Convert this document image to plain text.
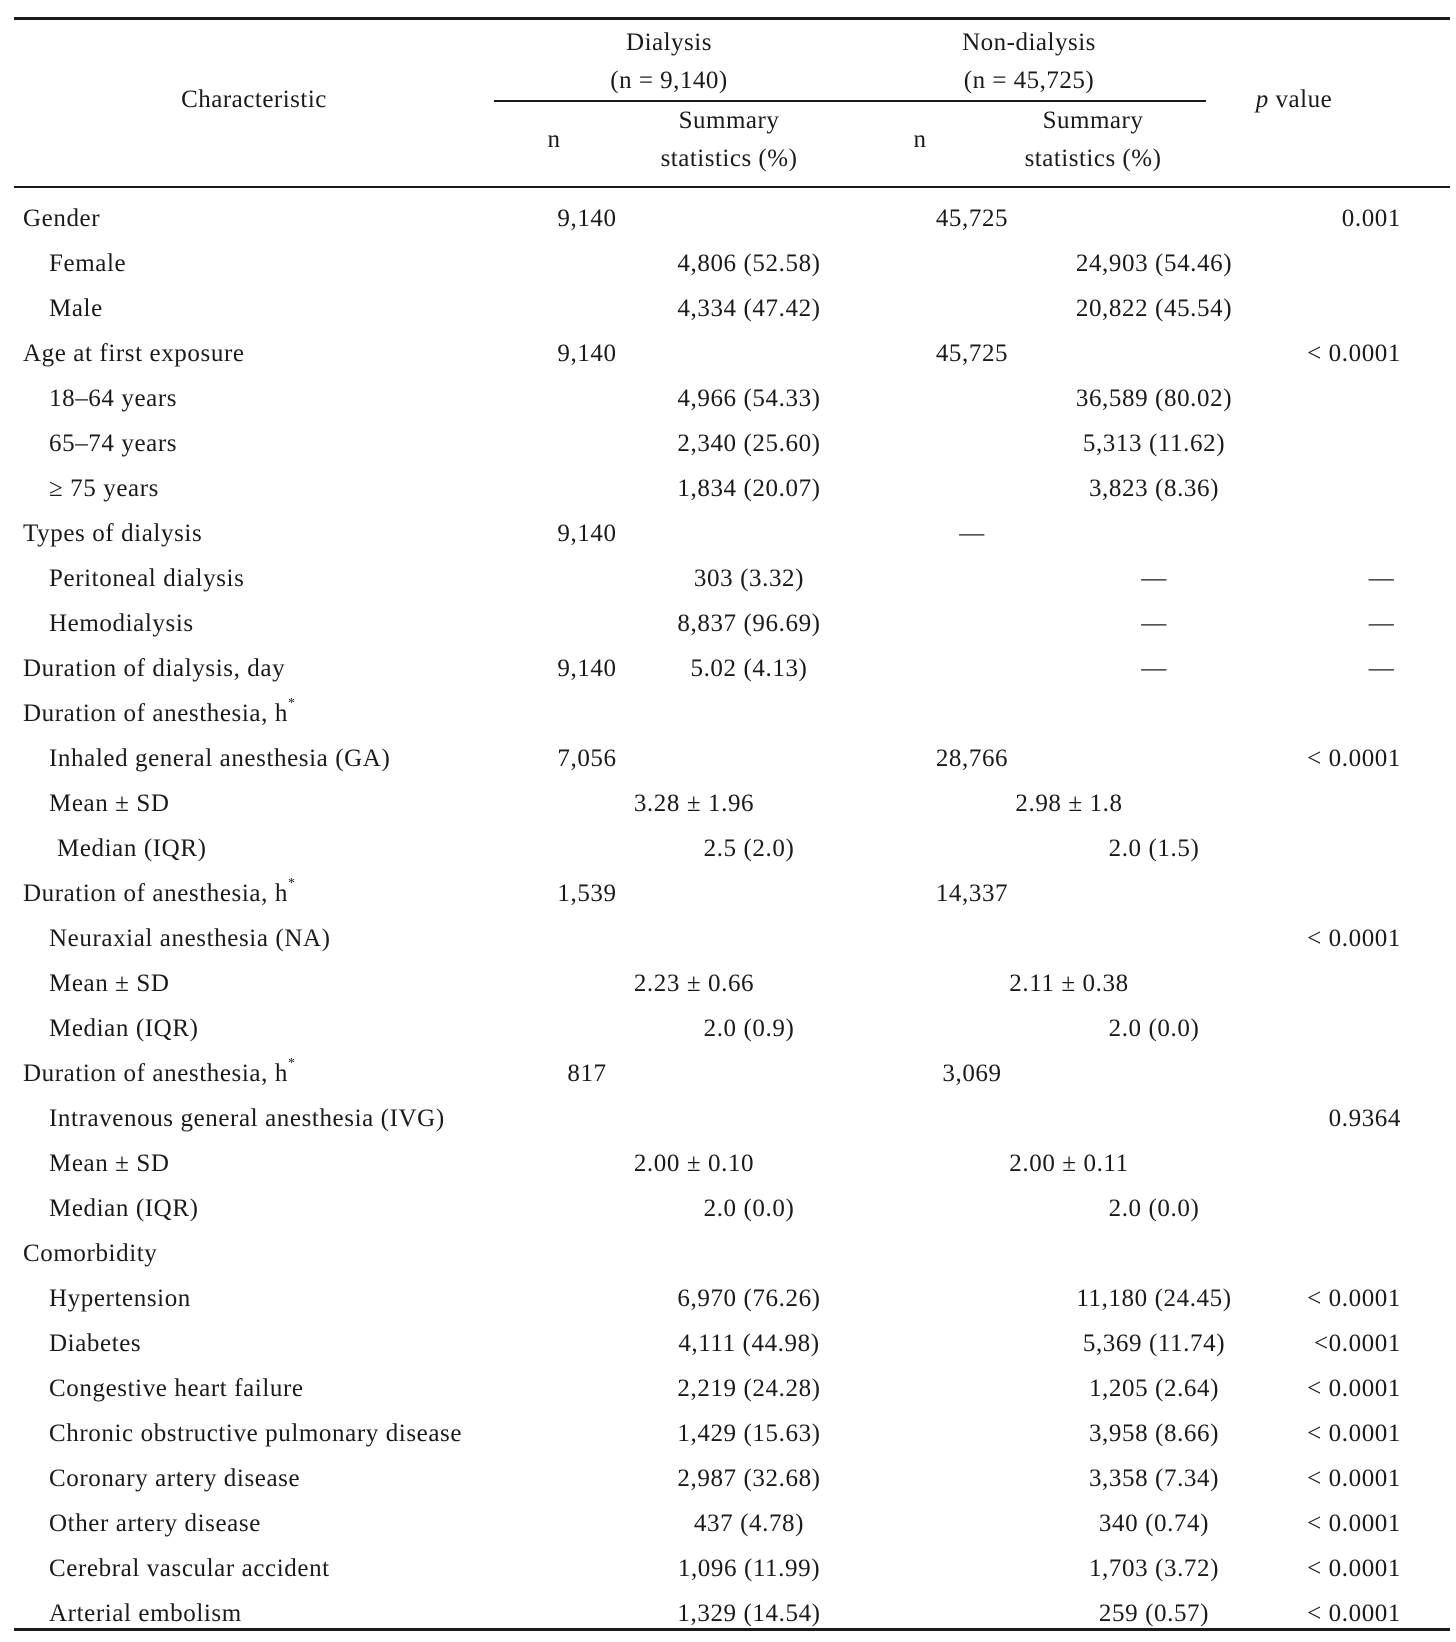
Characteristic
Dialysis
(n = 9,140)
Non-dialysis
(n = 45,725)
p value
n
Summary
statistics (%)
n
Summary
statistics (%)
Gender	9,140	45,725	0.001
Female	4,806 (52.58)	24,903 (54.46)
Male	4,334 (47.42)	20,822 (45.54)
Age at first exposure	9,140	45,725	< 0.0001
18–64 years	4,966 (54.33)	36,589 (80.02)
65–74 years	2,340 (25.60)	5,313 (11.62)
≥ 75 years	1,834 (20.07)	3,823 (8.36)
Types of dialysis	9,140	—
Peritoneal dialysis	303 (3.32)	—	—
Hemodialysis	8,837 (96.69)	—	—
Duration of dialysis, day	9,140	5.02 (4.13)	—	—
Duration of anesthesia, h*
Inhaled general anesthesia (GA)	7,056	28,766	< 0.0001
Mean ± SD	3.28 ± 1.96	2.98 ± 1.8
Median (IQR)	2.5 (2.0)	2.0 (1.5)
Duration of anesthesia, h*	1,539	14,337
Neuraxial anesthesia (NA)	< 0.0001
Mean ± SD	2.23 ± 0.66	2.11 ± 0.38
Median (IQR)	2.0 (0.9)	2.0 (0.0)
Duration of anesthesia, h*	817	3,069
Intravenous general anesthesia (IVG)	0.9364
Mean ± SD	2.00 ± 0.10	2.00 ± 0.11
Median (IQR)	2.0 (0.0)	2.0 (0.0)
Comorbidity
Hypertension	6,970 (76.26)	11,180 (24.45)	< 0.0001
Diabetes	4,111 (44.98)	5,369 (11.74)	<0.0001
Congestive heart failure	2,219 (24.28)	1,205 (2.64)	< 0.0001
Chronic obstructive pulmonary disease	1,429 (15.63)	3,958 (8.66)	< 0.0001
Coronary artery disease	2,987 (32.68)	3,358 (7.34)	< 0.0001
Other artery disease	437 (4.78)	340 (0.74)	< 0.0001
Cerebral vascular accident	1,096 (11.99)	1,703 (3.72)	< 0.0001
Arterial embolism	1,329 (14.54)	259 (0.57)	< 0.0001
